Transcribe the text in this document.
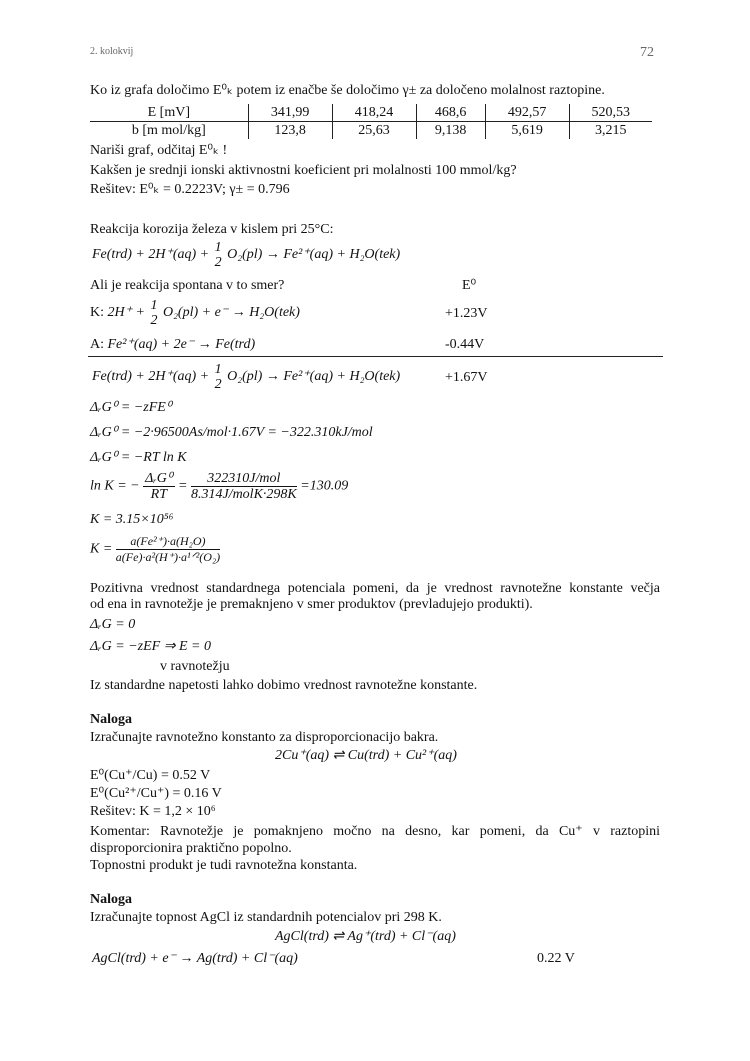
2. kolokvij	72
Ko iz grafa določimo E⁰ₖ potem iz enačbe še določimo γ± za določeno molalnost raztopine.
E [mV]	341,99	418,24	468,6	492,57	520,53
b [m mol/kg]	123,8	25,63	9,138	5,619	3,215
Nariši graf, odčitaj E⁰ₖ !
Kakšen je srednji ionski aktivnostni koeficient pri molalnosti 100 mmol/kg?
Rešitev: E⁰ₖ = 0.2223V; γ± = 0.796
Reakcija korozija železa v kislem pri 25°C:
Fe(trd) + 2H⁺(aq) + 1
2
O₂(pl) → Fe²⁺(aq) + H₂O(tek)
Ali je reakcija spontana v to smer?	E⁰
K: 2H⁺ + 1
2
O₂(pl) + e⁻ → H₂O(tek)	+1.23V
A: Fe²⁺(aq) + 2e⁻ → Fe(trd)	-0.44V
Fe(trd) + 2H⁺(aq) + 1
2
O₂(pl) → Fe²⁺(aq) + H₂O(tek)	+1.67V
ΔᵣG⁰ = −zFE⁰
ΔᵣG⁰ = −2·96500As/mol·1.67V = −322.310kJ/mol
ΔᵣG⁰ = −RT ln K
ln K = − $\frac{\text{ΔᵣG⁰}}{RT} = \frac{\text{322310J/mol}}{\text{8.314J/molK·298K}} =130.09$
K = 3.15×10⁵⁶
$K = \frac{\text{a(Fe²⁺)·a(H₂O)}}{\text{a(Fe)·a²(H⁺)·a¹ᐟ²(O₂)}}$
Pozitivna vrednost standardnega potenciala pomeni, da je vrednost ravnotežne konstante večja
od ena in ravnotežje je premaknjeno v smer produktov (prevladujejo produkti).
ΔᵣG = 0
ΔᵣG = −zEF ⇒ E = 0
v ravnotežju
Iz standardne napetosti lahko dobimo vrednost ravnotežne konstante.
Naloga
Izračunajte ravnotežno konstanto za disproporcionacijo bakra.
2Cu⁺(aq) ⇌ Cu(trd) + Cu²⁺(aq)
E⁰(Cu⁺/Cu) = 0.52 V
E⁰(Cu²⁺/Cu⁺) = 0.16 V
Rešitev: K = 1,2 × 10⁶
Komentar: Ravnotežje je pomaknjeno močno na desno, kar pomeni, da Cu⁺ v raztopini
disproporcionira praktično popolno.
Topnostni produkt je tudi ravnotežna konstanta.
Naloga
Izračunajte topnost AgCl iz standardnih potencialov pri 298 K.
AgCl(trd) ⇌ Ag⁺(trd) + Cl⁻(aq)
AgCl(trd) + e⁻ → Ag(trd) + Cl⁻(aq)	0.22 V
